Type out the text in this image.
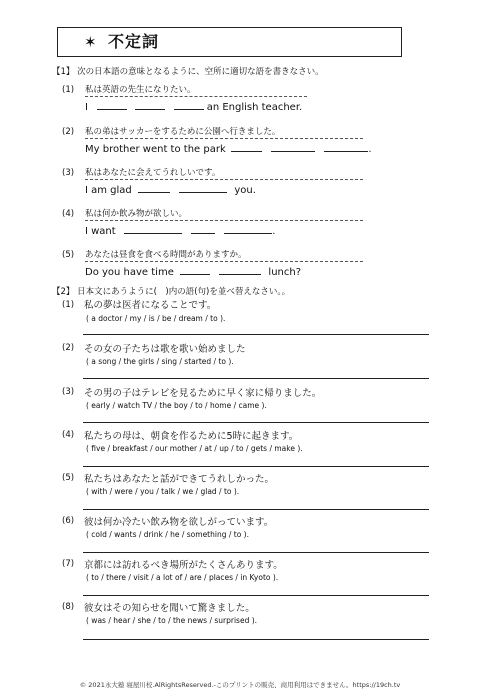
✶ 不定詞
【1】 次の日本語の意味となるように、空所に適切な語を書きなさい。
(1) 私は英語の先生になりたい。
I	an English teacher.
(2) 私の弟はサッカーをするために公園へ行きました。
My brother went to the park	.
(3) 私はあなたに会えてうれしいです。
I am glad	you.
(4) 私は何か飲み物が欲しい。
I want	.
(5) あなたは昼食を食べる時間がありますか。
Do you have time	lunch?
【2】 日本文にあうように(　)内の語(句)を並べ替えなさい。。
(1) 私の夢は医者になることです。
( a doctor / my / is / be / dream / to ).
(2) その女の子たちは歌を歌い始めました
( a song / the girls / sing / started / to ).
(3) その男の子はテレビを見るために早く家に帰りました。
( early / watch TV / the boy / to / home / came ).
(4) 私たちの母は、朝食を作るために5時に起きます。
( five / breakfast / our mother / at / up / to / gets / make ).
(5) 私たちはあなたと話ができてうれしかった。
( with / were / you / talk / we / glad / to ).
(6) 彼は何か冷たい飲み物を欲しがっています。
( cold / wants / drink / he / something / to ).
(7) 京都には訪れるべき場所がたくさんあります。
( to / there / visit / a lot of / are / places / in Kyoto ).
(8) 彼女はその知らせを聞いて驚きました。
( was / hear / she / to / the news / surprised ).
© 2021永大塾 寝屋川校.AlRightsReserved.-このプリントの販売、商用利用はできません。https://19ch.tv
